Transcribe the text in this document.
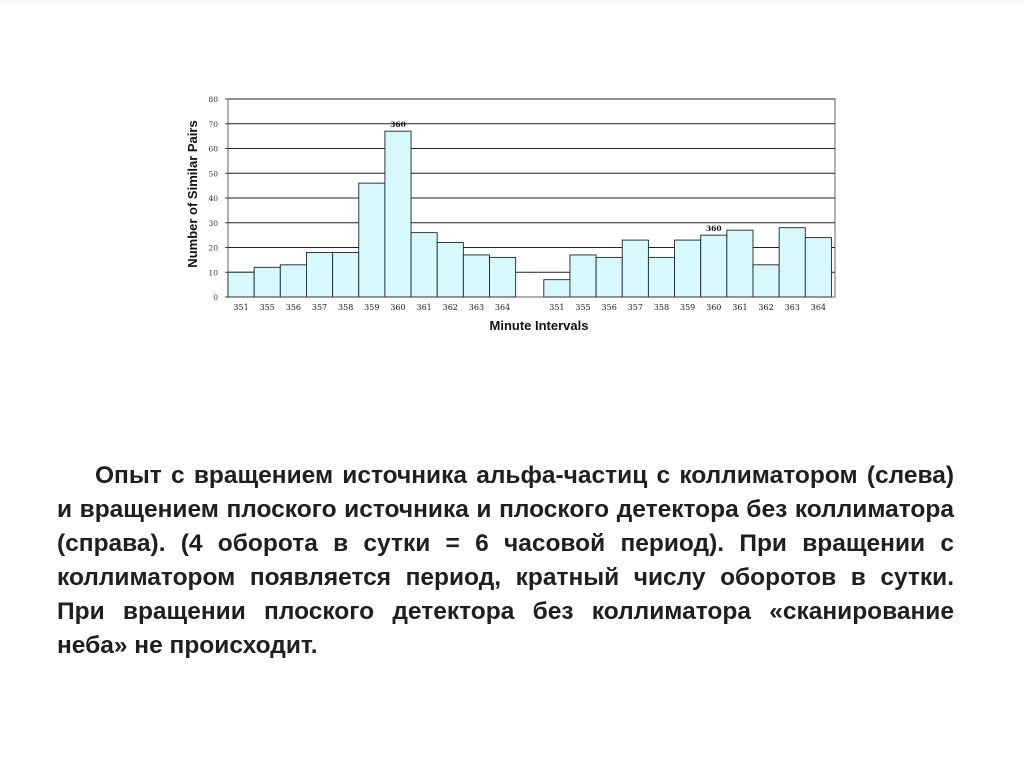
0
10
20
30
40
50
60
70
80
351 355 356 357 358 359 360 361 362 363 364	351 355 356 357 358 359 360 361 362 363 364
360
360
Number of Similar Pairs
Minute Intervals

Опыт с вращением источника альфа-частиц с коллиматором (слева) и вращением плоского источника и плоского детектора без коллиматора (справа). (4 оборота в сутки = 6 часовой период). При вращении с коллиматором появляется период, кратный числу оборотов в сутки. При вращении плоского детектора без коллиматора «сканирование неба» не происходит.
